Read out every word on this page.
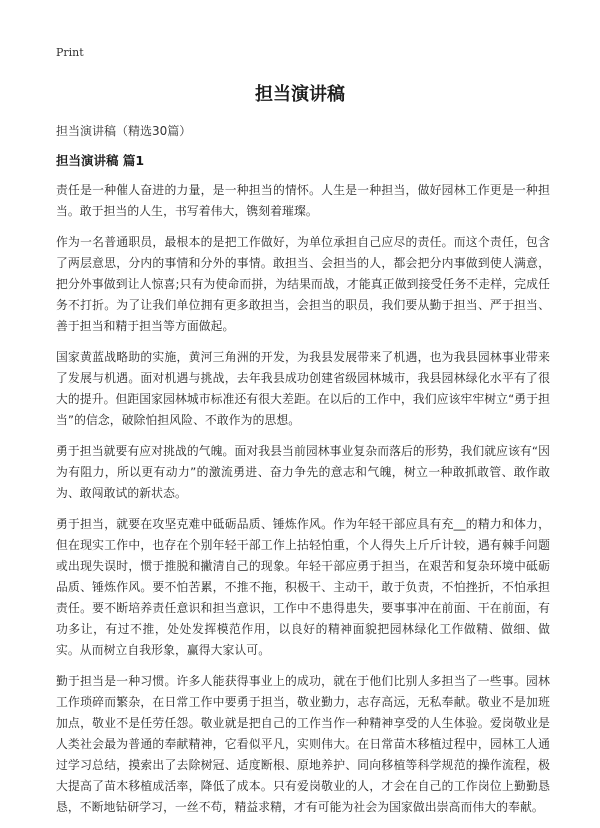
Print
担当演讲稿
担当演讲稿（精选30篇）
担当演讲稿 篇1

责任是一种催人奋进的力量，是一种担当的情怀。人生是一种担当，做好园林工作更是一种担当。敢于担当的人生，书写着伟大，镌刻着璀璨。

作为一名普通职员，最根本的是把工作做好，为单位承担自己应尽的责任。而这个责任，包含了两层意思，分内的事情和分外的事情。敢担当、会担当的人，都会把分内事做到使人满意，把分外事做到让人惊喜;只有为使命而拼，为结果而战，才能真正做到接受任务不走样，完成任务不打折。为了让我们单位拥有更多敢担当，会担当的职员，我们要从勤于担当、严于担当、善于担当和精于担当等方面做起。

国家黄蓝战略助的实施，黄河三角洲的开发，为我县发展带来了机遇，也为我县园林事业带来了发展与机遇。面对机遇与挑战，去年我县成功创建省级园林城市，我县园林绿化水平有了很大的提升。但距国家园林城市标准还有很大差距。在以后的工作中，我们应该牢牢树立“勇于担当”的信念，破除怕担风险、不敢作为的思想。

勇于担当就要有应对挑战的气魄。面对我县当前园林事业复杂而落后的形势，我们就应该有“因为有阻力，所以更有动力”的激流勇进、奋力争先的意志和气魄，树立一种敢抓敢管、敢作敢为、敢闯敢试的新状态。

勇于担当，就要在攻坚克难中砥砺品质、锤炼作风。作为年轻干部应具有充__的精力和体力，但在现实工作中，也存在个别年轻干部工作上拈轻怕重，个人得失上斤斤计较，遇有棘手问题或出现失误时，惯于推脱和撇清自己的现象。年轻干部应勇于担当，在艰苦和复杂环境中砥砺品质、锤炼作风。要不怕苦累，不推不拖，积极干、主动干，敢于负责，不怕挫折，不怕承担责任。要不断培养责任意识和担当意识，工作中不患得患失，要事事冲在前面、干在前面，有功多让，有过不推，处处发挥模范作用，以良好的精神面貌把园林绿化工作做精、做细、做实。从而树立自我形象，赢得大家认可。

勤于担当是一种习惯。许多人能获得事业上的成功，就在于他们比别人多担当了一些事。园林工作琐碎而繁杂，在日常工作中要勇于担当，敬业勤力，志存高远，无私奉献。敬业不是加班加点，敬业不是任劳任怨。敬业就是把自己的工作当作一种精神享受的人生体验。爱岗敬业是人类社会最为普通的奉献精神，它看似平凡，实则伟大。在日常苗木移植过程中，园林工人通过学习总结，摸索出了去除树冠、适度断根、原地养护、同向移植等科学规范的操作流程，极大提高了苗木移植成活率，降低了成本。只有爱岗敬业的人，才会在自己的工作岗位上勤勤恳恳，不断地钻研学习，一丝不苟，精益求精，才有可能为社会为国家做出崇高而伟大的奉献。
